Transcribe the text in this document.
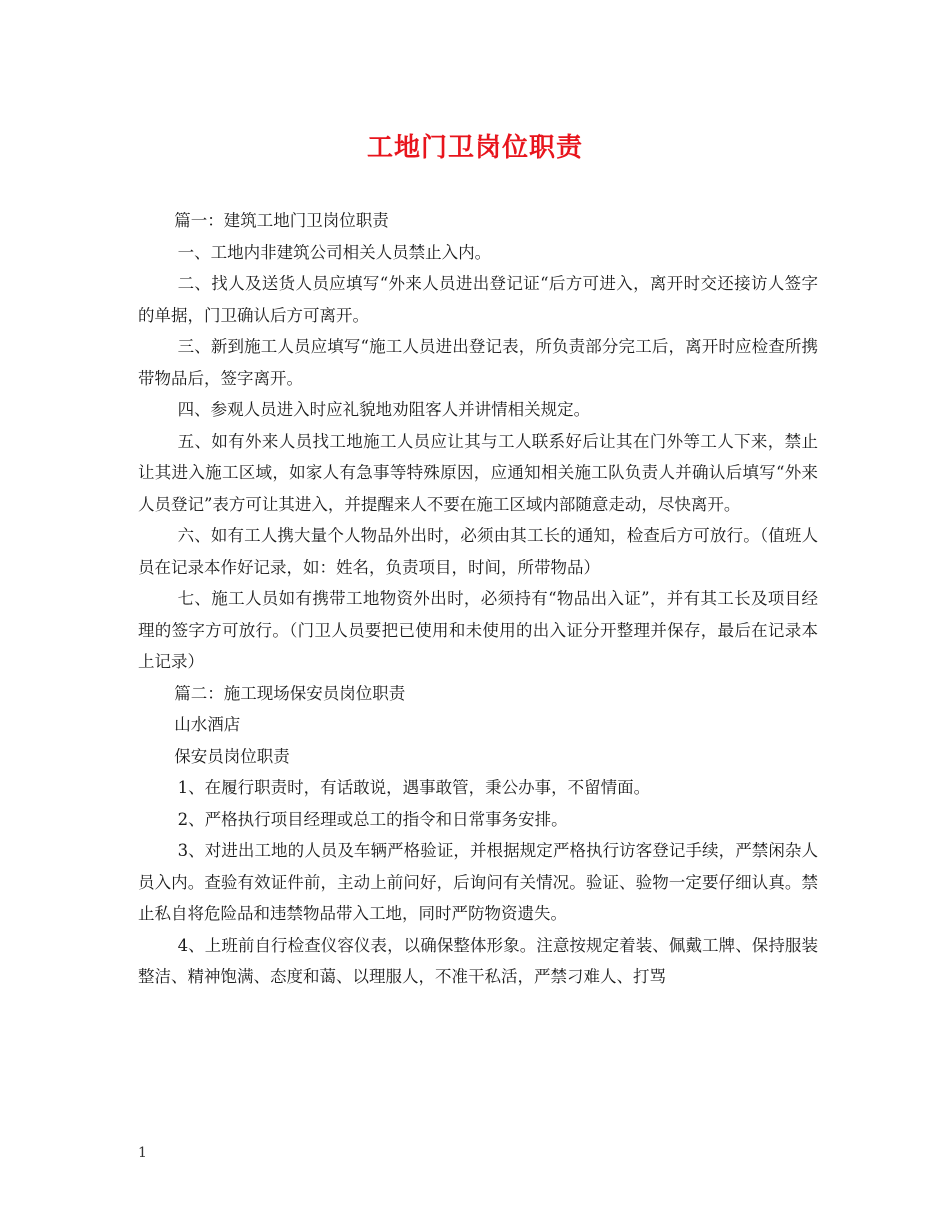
工地门卫岗位职责

篇一：建筑工地门卫岗位职责

一、工地内非建筑公司相关人员禁止入内。

二、找人及送货人员应填写“外来人员进出登记证“后方可进入，离开时交还接访人签字的单据，门卫确认后方可离开。

三、新到施工人员应填写“施工人员进出登记表，所负责部分完工后，离开时应检查所携带物品后，签字离开。

四、参观人员进入时应礼貌地劝阻客人并讲情相关规定。

五、如有外来人员找工地施工人员应让其与工人联系好后让其在门外等工人下来，禁止让其进入施工区域，如家人有急事等特殊原因，应通知相关施工队负责人并确认后填写“外来人员登记”表方可让其进入，并提醒来人不要在施工区域内部随意走动，尽快离开。

六、如有工人携大量个人物品外出时，必须由其工长的通知，检查后方可放行。（值班人员在记录本作好记录，如：姓名，负责项目，时间，所带物品）

七、施工人员如有携带工地物资外出时，必须持有“物品出入证”，并有其工长及项目经理的签字方可放行。（门卫人员要把已使用和未使用的出入证分开整理并保存，最后在记录本上记录）

篇二：施工现场保安员岗位职责

山水酒店

保安员岗位职责

1、在履行职责时，有话敢说，遇事敢管，秉公办事，不留情面。

2、严格执行项目经理或总工的指令和日常事务安排。

3、对进出工地的人员及车辆严格验证，并根据规定严格执行访客登记手续，严禁闲杂人员入内。查验有效证件前，主动上前问好，后询问有关情况。验证、验物一定要仔细认真。禁止私自将危险品和违禁物品带入工地，同时严防物资遗失。

4、上班前自行检查仪容仪表，以确保整体形象。注意按规定着装、佩戴工牌、保持服装整洁、精神饱满、态度和蔼、以理服人，不准干私活，严禁刁难人、打骂

1
